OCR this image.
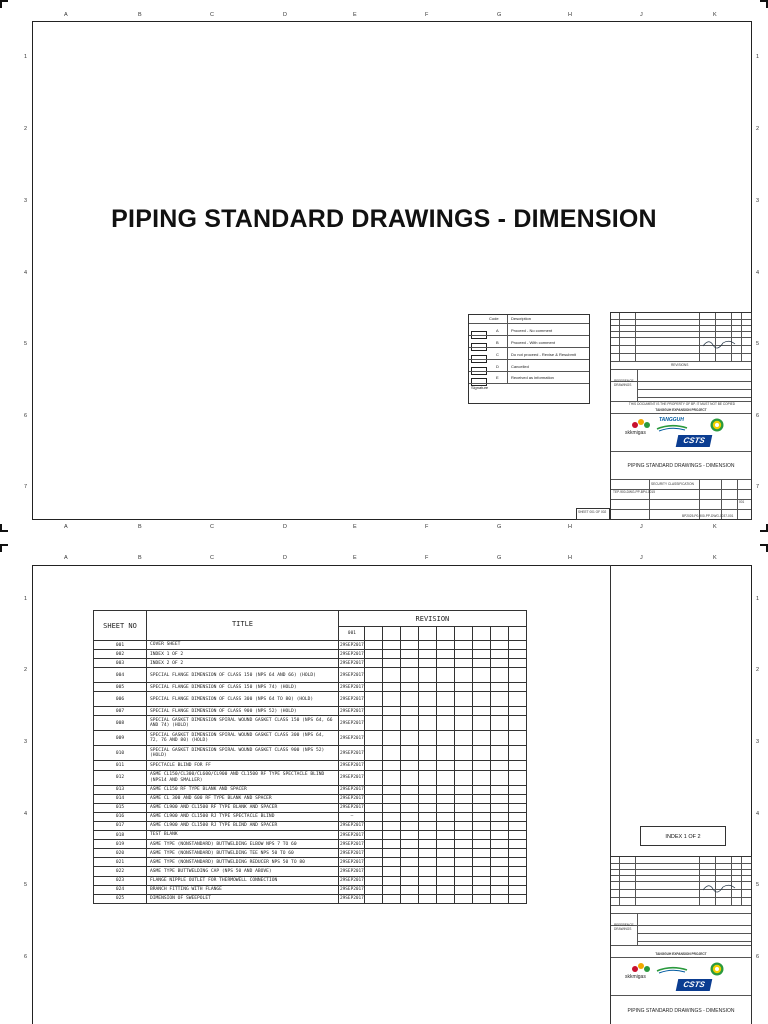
A	B	C	D	E	F	G	H	J	K
A	B	C	D	E	F	G	H	J	K
1
2
3
4
5
6
7
1
2
3
4
5
6
7
PIPING STANDARD DRAWINGS - DIMENSION
Code	Description
A	Proceed - No comment
B	Proceed - With comment
C	Do not proceed - Revise & Resubmit
D	Cancelled
E	Received as information
Signature
REVISIONS
REFERENCE
DRAWINGS
THIS DOCUMENT IS THE PROPERTY OF BP. IT MUST NOT BE COPIED
TANGGUH EXPANSION PROJECT
skkmigas
TANGGUH
CSTS
PIPING STANDARD DRAWINGS - DIMENSION
SECURITY CLASSIFICATION
TEP-900-DWG-PP-BP4-0015
001
SHEET 001 OF 002
BP2025-P0-900-PP-DWG-0037-001
A	B	C	D	E	F	G	H	J	K
1
2
3
4
5
6
1
2
3
4
5
6
SHEET NO	TITLE	REVISION									
		001									
001	COVER SHEET	29SEP2017									
002	INDEX 1 OF 2	29SEP2017									
003	INDEX 2 OF 2	29SEP2017									
004	SPECIAL FLANGE DIMENSION OF CLASS 150 (NPS 64 AND 66) (HOLD)	29SEP2017									
005	SPECIAL FLANGE DIMENSION OF CLASS 150 (NPS 74) (HOLD)	29SEP2017									
006	SPECIAL FLANGE DIMENSION OF CLASS 300 (NPS 64 TO 80) (HOLD)	29SEP2017									
007	SPECIAL FLANGE DIMENSION OF CLASS 900 (NPS 52) (HOLD)	29SEP2017									
008	SPECIAL GASKET DIMENSION SPIRAL WOUND GASKET CLASS 150 (NPS 64, 66 AND 74) (HOLD)	29SEP2017									
009	SPECIAL GASKET DIMENSION SPIRAL WOUND GASKET CLASS 300 (NPS 64, 72, 76 AND 80) (HOLD)	29SEP2017									
010	SPECIAL GASKET DIMENSION SPIRAL WOUND GASKET CLASS 900 (NPS 52) (HOLD)	29SEP2017									
011	SPECTACLE BLIND FOR FF	29SEP2017									
012	ASME CL150/CL300/CL600/CL900 AND CL1500 RF TYPE SPECTACLE BLIND (NPS14 AND SMALLER)	29SEP2017									
013	ASME CL150 RF TYPE BLANK AND SPACER	29SEP2017									
014	ASME CL 300 AND 600 RF TYPE BLANK AND SPACER	29SEP2017									
015	ASME CL900 AND CL1500 RF TYPE BLANK AND SPACER	29SEP2017									
016	ASME CL900 AND CL1500 RJ TYPE SPECTACLE BLIND	–									
017	ASME CL900 AND CL1500 RJ TYPE BLIND AND SPACER	29SEP2017									
018	TEST BLANK	29SEP2017									
019	ASME TYPE (NONSTANDARD) BUTTWELDING ELBOW NPS 7 TO 60	29SEP2017									
020	ASME TYPE (NONSTANDARD) BUTTWELDING TEE NPS 50 TO 60	29SEP2017									
021	ASME TYPE (NONSTANDARD) BUTTWELDING REDUCER NPS 50 TO 80	29SEP2017									
022	ASME TYPE BUTTWELDING CAP (NPS 50 AND ABOVE)	29SEP2017									
023	FLANGE NIPPLE OUTLET FOR THERMOWELL CONNECTION	29SEP2017									
024	BRANCH FITTING WITH FLANGE	29SEP2017									
025	DIMENSION OF SWEEPOLET	29SEP2017									
INDEX 1 OF 2
REFERENCE
DRAWINGS
TANGGUH EXPANSION PROJECT
skkmigas
CSTS
PIPING STANDARD DRAWINGS - DIMENSION
